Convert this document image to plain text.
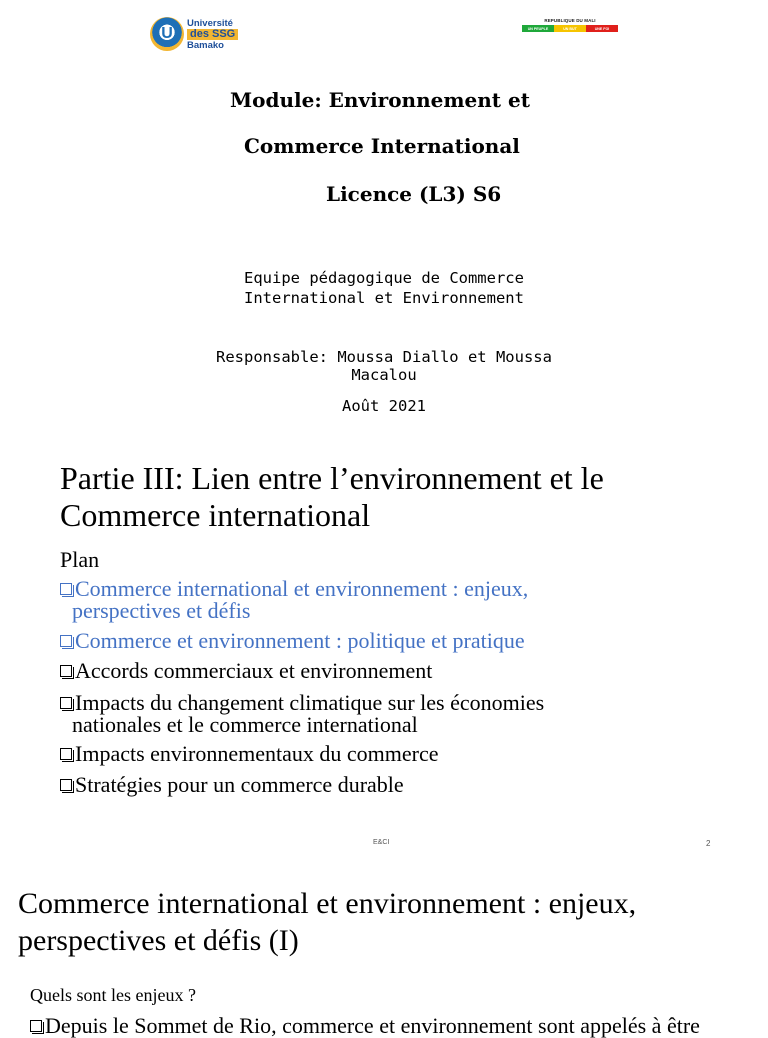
U
Université
des SSG
Bamako
REPUBLIQUE DU MALI
UN PEUPLE	UN BUT	UNE FOI
Module: Environnement et
Commerce International
Licence (L3) S6
Equipe pédagogique de Commerce
International et Environnement
Responsable: Moussa Diallo et Moussa
Macalou
Août 2021
Partie III: Lien entre l’environnement et le Commerce international
Plan
Commerce international et environnement : enjeux,
perspectives et défis
Commerce et environnement : politique et pratique
Accords commerciaux et environnement
Impacts du changement climatique sur les économies
nationales et le commerce international
Impacts environnementaux du commerce
Stratégies pour un commerce durable
E&CI	2
Commerce international et environnement : enjeux, perspectives et défis (I)
Quels sont les enjeux ?
Depuis le Sommet de Rio, commerce et environnement sont appelés à être
